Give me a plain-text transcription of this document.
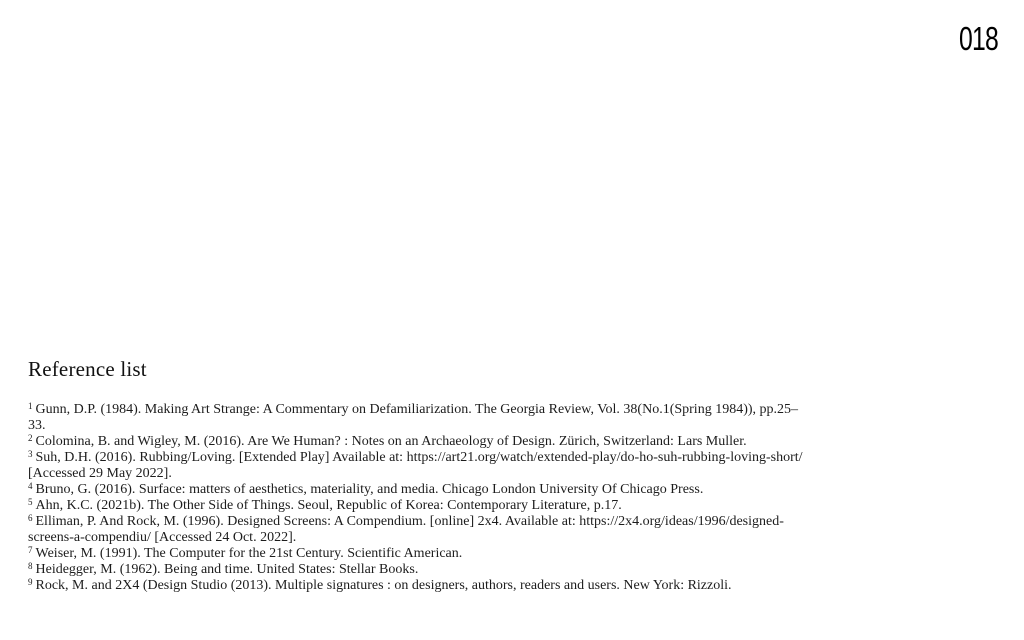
018
Reference list
$^1$ Gunn, D.P. (1984). Making Art Strange: A Commentary on Defamiliarization. The Georgia Review, Vol. 38(No.1(Spring 1984)), pp.25–33.
$^2$ Colomina, B. and Wigley, M. (2016). Are We Human? : Notes on an Archaeology of Design. Zürich, Switzerland: Lars Muller.
$^3$ Suh, D.H. (2016). Rubbing/Loving. [Extended Play] Available at: https://art21.org/watch/extended-play/do-ho-suh-rubbing-loving-short/ [Accessed 29 May 2022].
$^4$ Bruno, G. (2016). Surface: matters of aesthetics, materiality, and media. Chicago London University Of Chicago Press.
$^5$ Ahn, K.C. (2021b). The Other Side of Things. Seoul, Republic of Korea: Contemporary Literature, p.17.
$^6$ Elliman, P. And Rock, M. (1996). Designed Screens: A Compendium. [online] 2x4. Available at: https://2x4.org/ideas/1996/designed-screens-a-compendiu/ [Accessed 24 Oct. 2022].
$^7$ Weiser, M. (1991). The Computer for the 21st Century. Scientific American.
$^8$ Heidegger, M. (1962). Being and time. United States: Stellar Books.
$^9$ Rock, M. and 2X4 (Design Studio (2013). Multiple signatures : on designers, authors, readers and users. New York: Rizzoli.
